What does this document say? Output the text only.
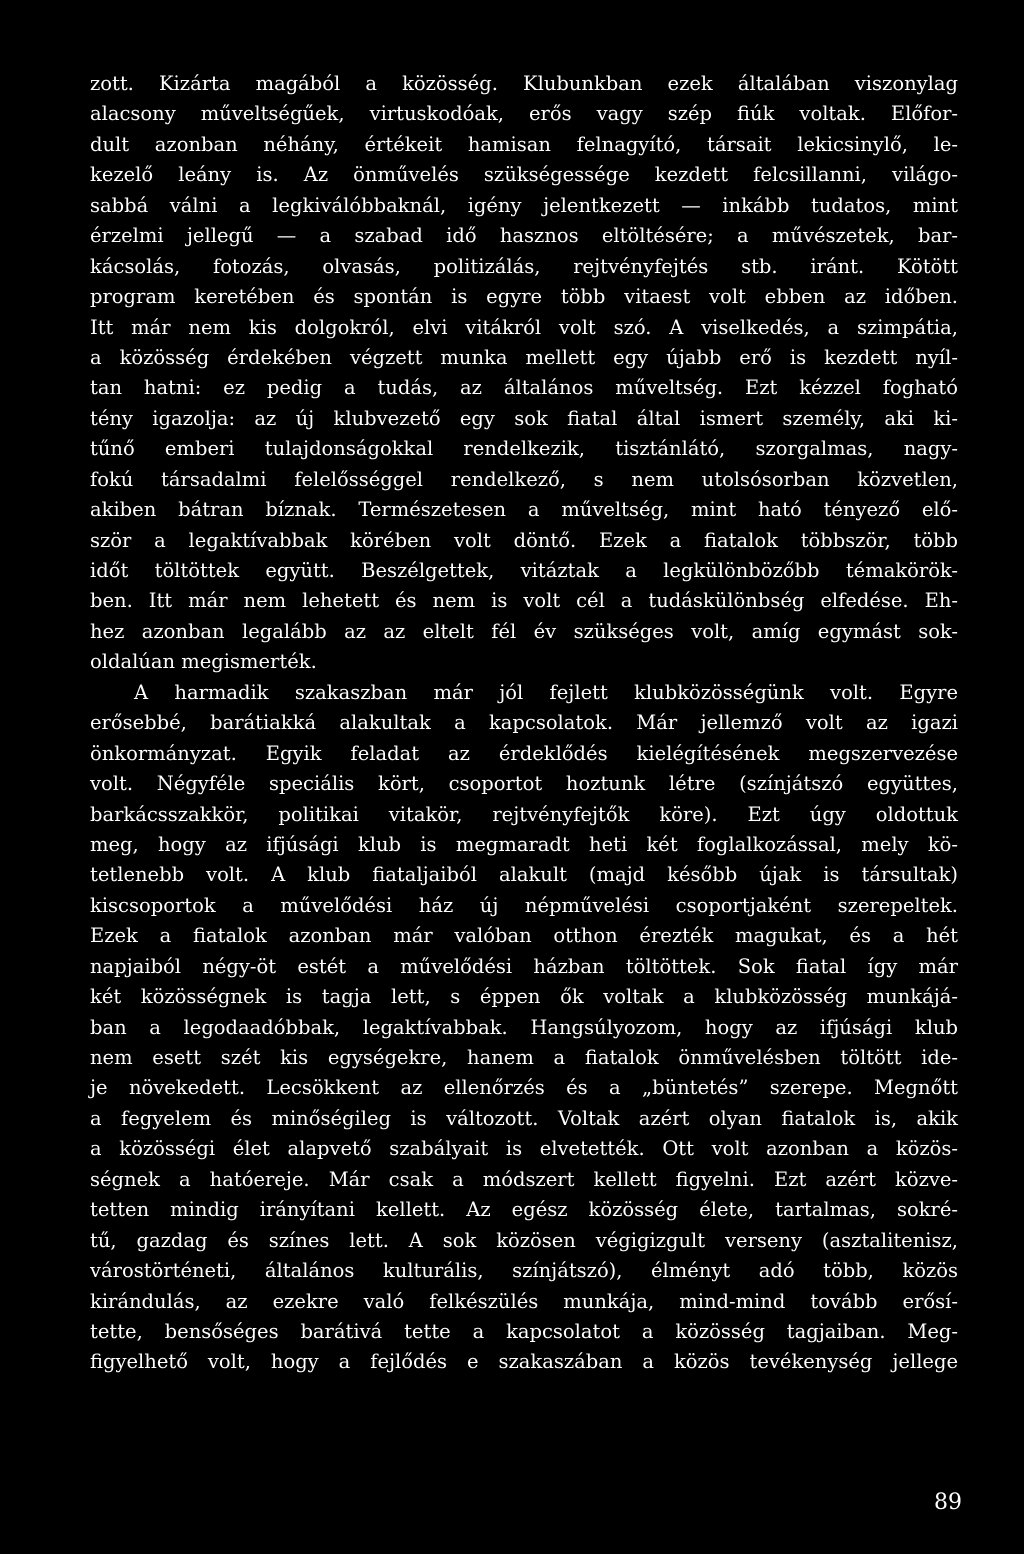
zott. Kizárta magából a közösség. Klubunkban ezek általában viszonylag
alacsony műveltségűek, virtuskodóak, erős vagy szép fiúk voltak. Előfor-
dult azonban néhány, értékeit hamisan felnagyító, társait lekicsinylő, le-
kezelő leány is. Az önművelés szükségessége kezdett felcsillanni, világo-
sabbá válni a legkiválóbbaknál, igény jelentkezett — inkább tudatos, mint
érzelmi jellegű — a szabad idő hasznos eltöltésére; a művészetek, bar-
kácsolás, fotozás, olvasás, politizálás, rejtvényfejtés stb. iránt. Kötött
program keretében és spontán is egyre több vitaest volt ebben az időben.
Itt már nem kis dolgokról, elvi vitákról volt szó. A viselkedés, a szimpátia,
a közösség érdekében végzett munka mellett egy újabb erő is kezdett nyíl-
tan hatni: ez pedig a tudás, az általános műveltség. Ezt kézzel fogható
tény igazolja: az új klubvezető egy sok fiatal által ismert személy, aki ki-
tűnő emberi tulajdonságokkal rendelkezik, tisztánlátó, szorgalmas, nagy-
fokú társadalmi felelősséggel rendelkező, s nem utolsósorban közvetlen,
akiben bátran bíznak. Természetesen a műveltség, mint ható tényező elő-
ször a legaktívabbak körében volt döntő. Ezek a fiatalok többször, több
időt töltöttek együtt. Beszélgettek, vitáztak a legkülönbözőbb témakörök-
ben. Itt már nem lehetett és nem is volt cél a tudáskülönbség elfedése. Eh-
hez azonban legalább az az eltelt fél év szükséges volt, amíg egymást sok-
oldalúan megismerték.
A harmadik szakaszban már jól fejlett klubközösségünk volt. Egyre
erősebbé, barátiakká alakultak a kapcsolatok. Már jellemző volt az igazi
önkormányzat. Egyik feladat az érdeklődés kielégítésének megszervezése
volt. Négyféle speciális kört, csoportot hoztunk létre (színjátszó együttes,
barkácsszakkör, politikai vitakör, rejtvényfejtők köre). Ezt úgy oldottuk
meg, hogy az ifjúsági klub is megmaradt heti két foglalkozással, mely kö-
tetlenebb volt. A klub fiataljaiból alakult (majd később újak is társultak)
kiscsoportok a művelődési ház új népművelési csoportjaként szerepeltek.
Ezek a fiatalok azonban már valóban otthon érezték magukat, és a hét
napjaiból négy-öt estét a művelődési házban töltöttek. Sok fiatal így már
két közösségnek is tagja lett, s éppen ők voltak a klubközösség munkájá-
ban a legodaadóbbak, legaktívabbak. Hangsúlyozom, hogy az ifjúsági klub
nem esett szét kis egységekre, hanem a fiatalok önművelésben töltött ide-
je növekedett. Lecsökkent az ellenőrzés és a „büntetés” szerepe. Megnőtt
a fegyelem és minőségileg is változott. Voltak azért olyan fiatalok is, akik
a közösségi élet alapvető szabályait is elvetették. Ott volt azonban a közös-
ségnek a hatóereje. Már csak a módszert kellett figyelni. Ezt azért közve-
tetten mindig irányítani kellett. Az egész közösség élete, tartalmas, sokré-
tű, gazdag és színes lett. A sok közösen végigizgult verseny (asztalitenisz,
várostörténeti, általános kulturális, színjátszó), élményt adó több, közös
kirándulás, az ezekre való felkészülés munkája, mind-mind tovább erősí-
tette, bensőséges barátivá tette a kapcsolatot a közösség tagjaiban. Meg-
figyelhető volt, hogy a fejlődés e szakaszában a közös tevékenység jellege
89
